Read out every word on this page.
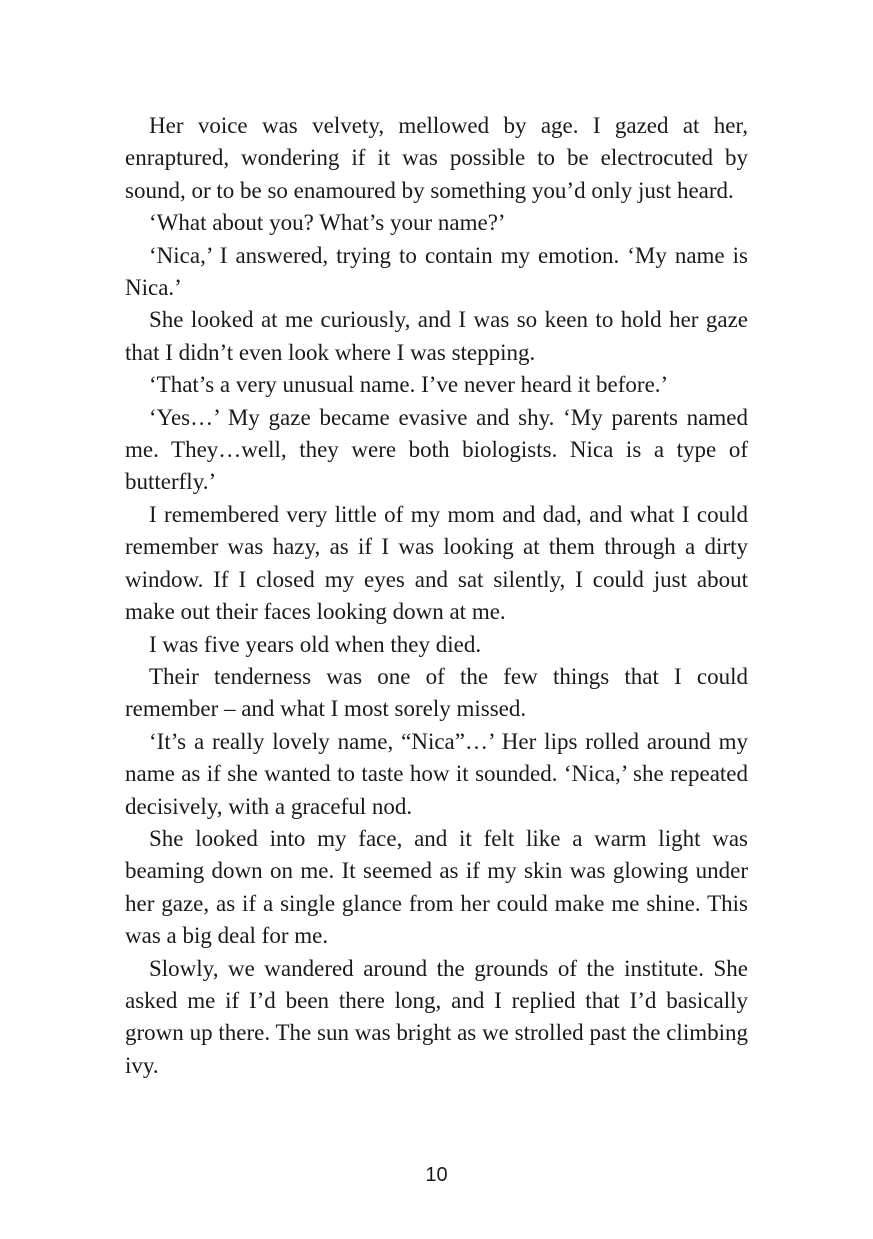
Her voice was velvety, mellowed by age. I gazed at her, enraptured, wondering if it was possible to be electrocuted by sound, or to be so enamoured by something you’d only just heard.

‘What about you? What’s your name?’

‘Nica,’ I answered, trying to contain my emotion. ‘My name is Nica.’

She looked at me curiously, and I was so keen to hold her gaze that I didn’t even look where I was stepping.

‘That’s a very unusual name. I’ve never heard it before.’

‘Yes…’ My gaze became evasive and shy. ‘My parents named me. They…well, they were both biologists. Nica is a type of butterfly.’

I remembered very little of my mom and dad, and what I could remember was hazy, as if I was looking at them through a dirty window. If I closed my eyes and sat silently, I could just about make out their faces looking down at me.

I was five years old when they died.

Their tenderness was one of the few things that I could remember – and what I most sorely missed.

‘It’s a really lovely name, “Nica”…’ Her lips rolled around my name as if she wanted to taste how it sounded. ‘Nica,’ she repeated decisively, with a graceful nod.

She looked into my face, and it felt like a warm light was beaming down on me. It seemed as if my skin was glowing under her gaze, as if a single glance from her could make me shine. This was a big deal for me.

Slowly, we wandered around the grounds of the institute. She asked me if I’d been there long, and I replied that I’d basically grown up there. The sun was bright as we strolled past the climbing ivy.

10
